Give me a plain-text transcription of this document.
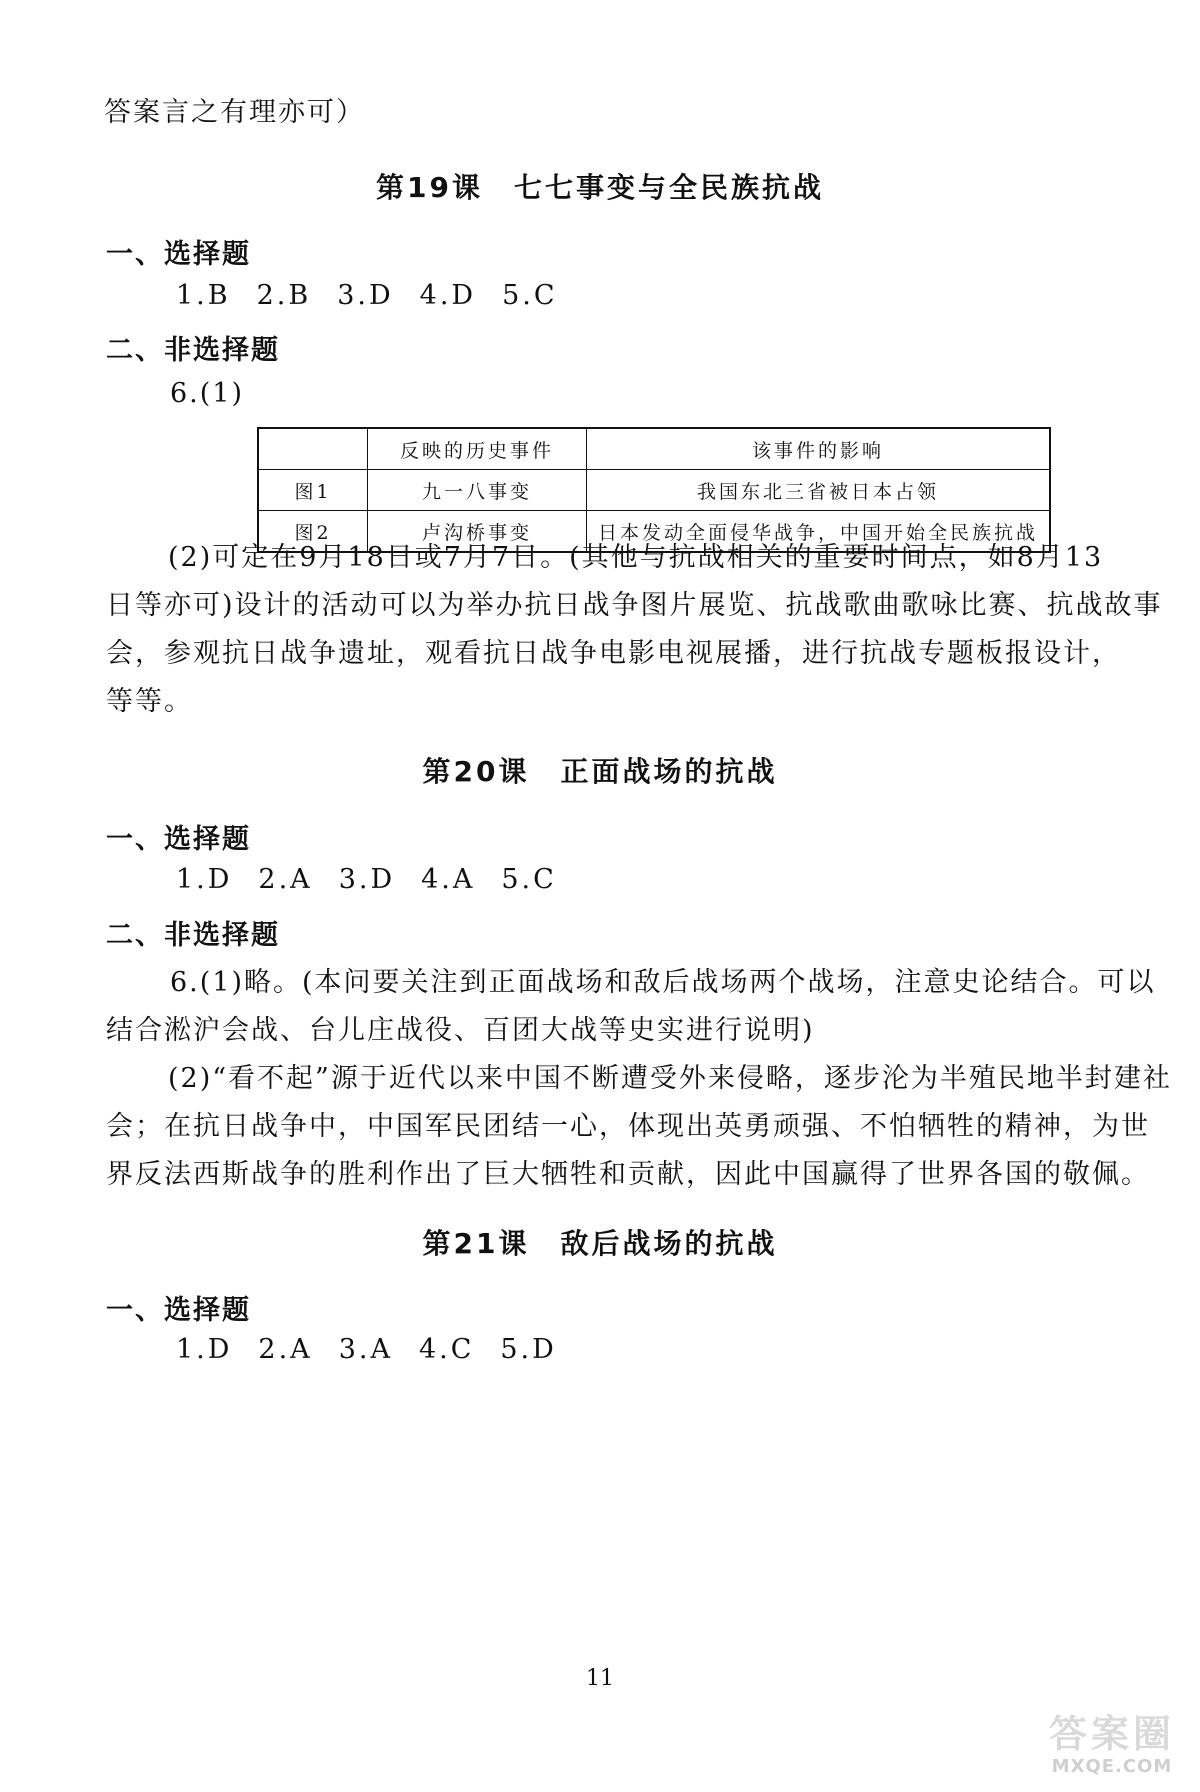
答案言之有理亦可）
第19课　七七事变与全民族抗战
一、选择题
1.B 2.B 3.D 4.D 5.C
二、非选择题
6.(1)
	反映的历史事件	该事件的影响
图1	九一八事变	我国东北三省被日本占领
图2	卢沟桥事变	日本发动全面侵华战争，中国开始全民族抗战
(2)可定在9月18日或7月7日。(其他与抗战相关的重要时间点，如8月13
日等亦可)设计的活动可以为举办抗日战争图片展览、抗战歌曲歌咏比赛、抗战故事
会，参观抗日战争遗址，观看抗日战争电影电视展播，进行抗战专题板报设计，
等等。
第20课　正面战场的抗战
一、选择题
1.D 2.A 3.D 4.A 5.C
二、非选择题
6.(1)略。(本问要关注到正面战场和敌后战场两个战场，注意史论结合。可以
结合淞沪会战、台儿庄战役、百团大战等史实进行说明)
(2)“看不起”源于近代以来中国不断遭受外来侵略，逐步沦为半殖民地半封建社
会；在抗日战争中，中国军民团结一心，体现出英勇顽强、不怕牺牲的精神，为世
界反法西斯战争的胜利作出了巨大牺牲和贡献，因此中国赢得了世界各国的敬佩。
第21课　敌后战场的抗战
一、选择题
1.D 2.A 3.A 4.C 5.D
11
答案圈
MXQE.COM
